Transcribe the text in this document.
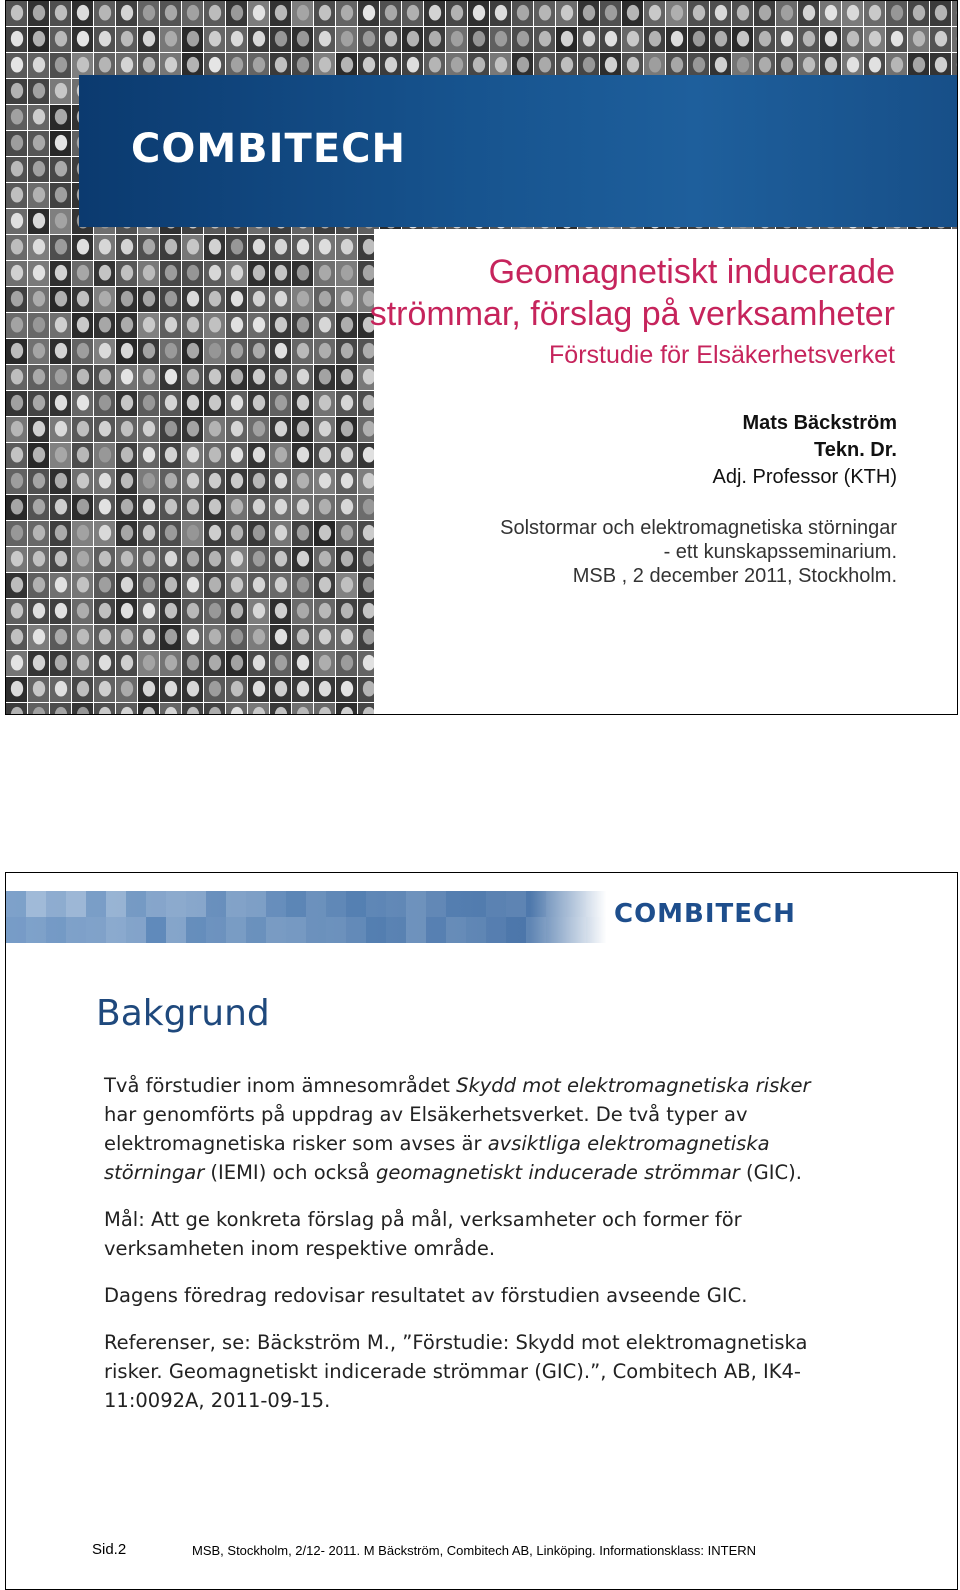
COMBITECH
Geomagnetiskt inducerade
strömmar, förslag på verksamheter
Förstudie för Elsäkerhetsverket
Mats Bäckström
Tekn. Dr.
Adj. Professor (KTH)
Solstormar och elektromagnetiska störningar
- ett kunskapsseminarium.
MSB , 2 december 2011, Stockholm.
COMBITECH
Bakgrund

Två förstudier inom ämnesområdet Skydd mot elektromagnetiska risker har genomförts på uppdrag av Elsäkerhetsverket. De två typer av elektromagnetiska risker som avses är avsiktliga elektromagnetiska störningar (IEMI) och också geomagnetiskt inducerade strömmar (GIC).

Mål: Att ge konkreta förslag på mål, verksamheter och former för verksamheten inom respektive område.

Dagens föredrag redovisar resultatet av förstudien avseende GIC.

Referenser, se: Bäckström M., ”Förstudie: Skydd mot elektromagnetiska risker. Geomagnetiskt indicerade strömmar (GIC).”, Combitech AB, IK4-11:0092A, 2011-09-15.

Sid.2	MSB, Stockholm, 2/12- 2011. M Bäckström, Combitech AB, Linköping. Informationsklass: INTERN
